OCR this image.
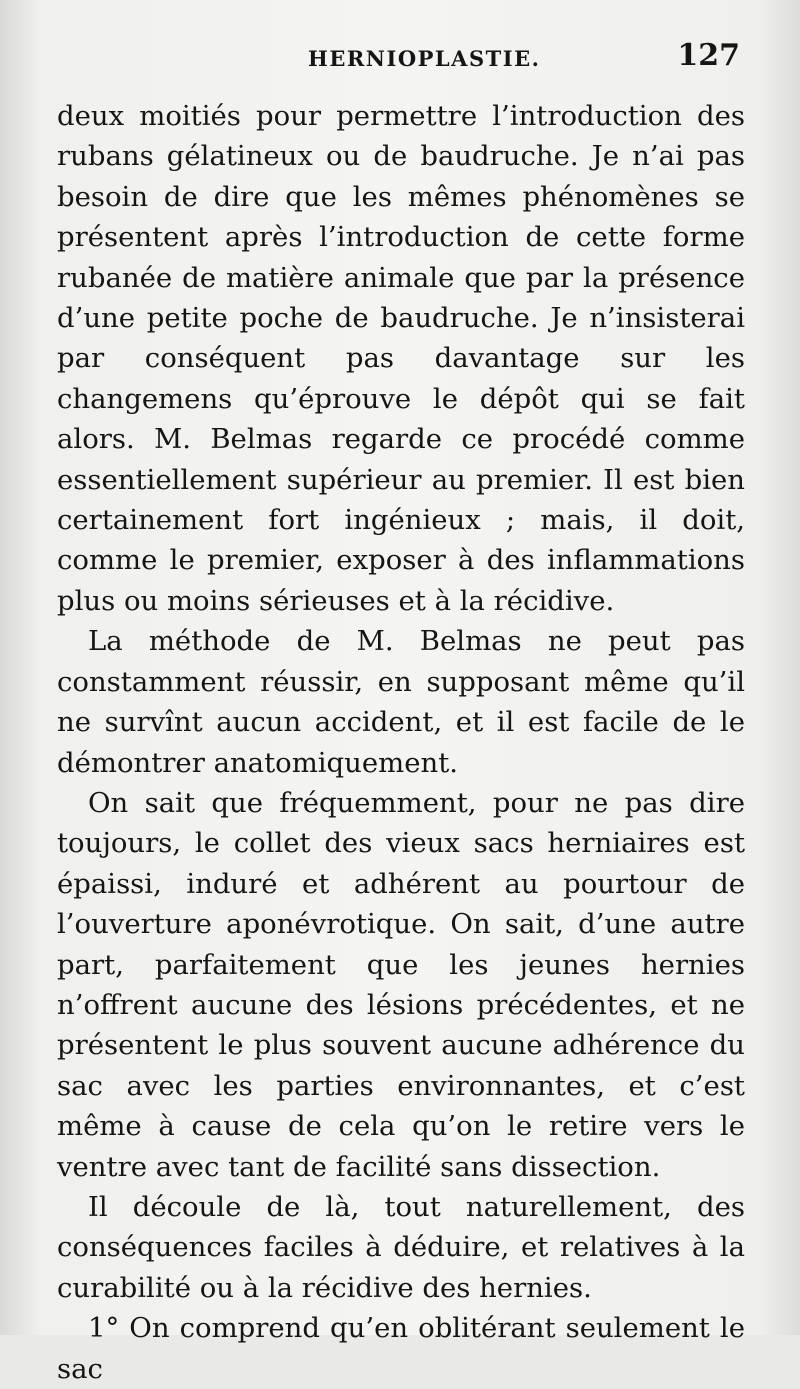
HERNIOPLASTIE.	127

deux moitiés pour permettre l’introduction des rubans gélatineux ou de baudruche. Je n’ai pas besoin de dire que les mêmes phénomènes se présentent après l’introduction de cette forme rubanée de matière animale que par la présence d’une petite poche de baudruche. Je n’insisterai par conséquent pas davantage sur les changemens qu’éprouve le dépôt qui se fait alors. M. Belmas regarde ce procédé comme essentiellement supérieur au premier. Il est bien certainement fort ingénieux ; mais, il doit, comme le premier, exposer à des inflammations plus ou moins sérieuses et à la récidive.

La méthode de M. Belmas ne peut pas constamment réussir, en supposant même qu’il ne survînt aucun accident, et il est facile de le démontrer anatomiquement.

On sait que fréquemment, pour ne pas dire toujours, le collet des vieux sacs herniaires est épaissi, induré et adhérent au pourtour de l’ouverture aponévrotique. On sait, d’une autre part, parfaitement que les jeunes hernies n’offrent aucune des lésions précédentes, et ne présentent le plus souvent aucune adhérence du sac avec les parties environnantes, et c’est même à cause de cela qu’on le retire vers le ventre avec tant de facilité sans dissection.

Il découle de là, tout naturellement, des conséquences faciles à déduire, et relatives à la curabilité ou à la récidive des hernies.

1° On comprend qu’en oblitérant seulement le sac
